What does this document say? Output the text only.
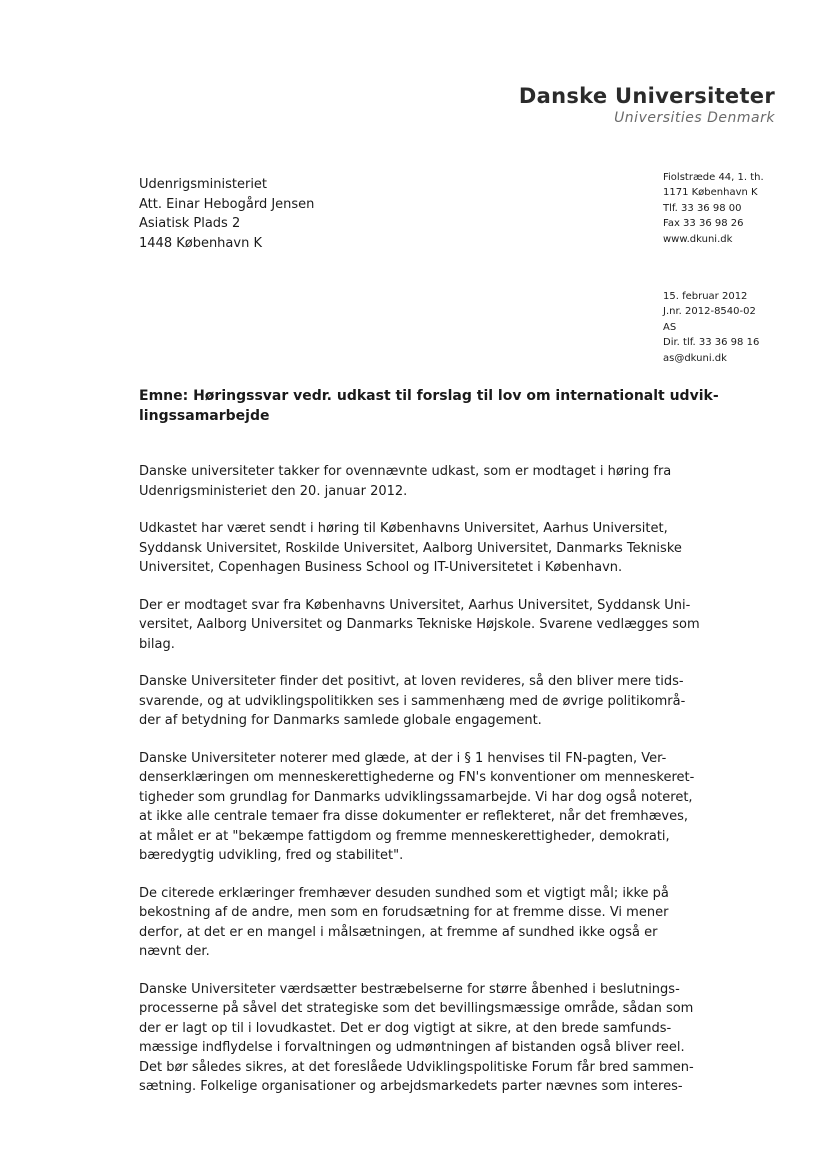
Danske Universiteter
Universities Denmark
Udenrigsministeriet
Att. Einar Hebogård Jensen
Asiatisk Plads 2
1448 København K
Fiolstræde 44, 1. th.
1171 København K
Tlf. 33 36 98 00
Fax 33 36 98 26
www.dkuni.dk
15. februar 2012
J.nr. 2012-8540-02
AS
Dir. tlf. 33 36 98 16
as@dkuni.dk
Emne: Høringssvar vedr. udkast til forslag til lov om internationalt udvik-
lingssamarbejde
Danske universiteter takker for ovennævnte udkast, som er modtaget i høring fra
Udenrigsministeriet den 20. januar 2012.
Udkastet har været sendt i høring til Københavns Universitet, Aarhus Universitet,
Syddansk Universitet, Roskilde Universitet, Aalborg Universitet, Danmarks Tekniske
Universitet, Copenhagen Business School og IT-Universitetet i København.
Der er modtaget svar fra Københavns Universitet, Aarhus Universitet, Syddansk Uni-
versitet, Aalborg Universitet og Danmarks Tekniske Højskole. Svarene vedlægges som
bilag.
Danske Universiteter finder det positivt, at loven revideres, så den bliver mere tids-
svarende, og at udviklingspolitikken ses i sammenhæng med de øvrige politikområ-
der af betydning for Danmarks samlede globale engagement.
Danske Universiteter noterer med glæde, at der i § 1 henvises til FN-pagten, Ver-
denserklæringen om menneskerettighederne og FN's konventioner om menneskeret-
tigheder som grundlag for Danmarks udviklingssamarbejde. Vi har dog også noteret,
at ikke alle centrale temaer fra disse dokumenter er reflekteret, når det fremhæves,
at målet er at "bekæmpe fattigdom og fremme menneskerettigheder, demokrati,
bæredygtig udvikling, fred og stabilitet".
De citerede erklæringer fremhæver desuden sundhed som et vigtigt mål; ikke på
bekostning af de andre, men som en forudsætning for at fremme disse. Vi mener
derfor, at det er en mangel i målsætningen, at fremme af sundhed ikke også er
nævnt der.
Danske Universiteter værdsætter bestræbelserne for større åbenhed i beslutnings-
processerne på såvel det strategiske som det bevillingsmæssige område, sådan som
der er lagt op til i lovudkastet. Det er dog vigtigt at sikre, at den brede samfunds-
mæssige indflydelse i forvaltningen og udmøntningen af bistanden også bliver reel.
Det bør således sikres, at det foreslåede Udviklingspolitiske Forum får bred sammen-
sætning. Folkelige organisationer og arbejdsmarkedets parter nævnes som interes-
